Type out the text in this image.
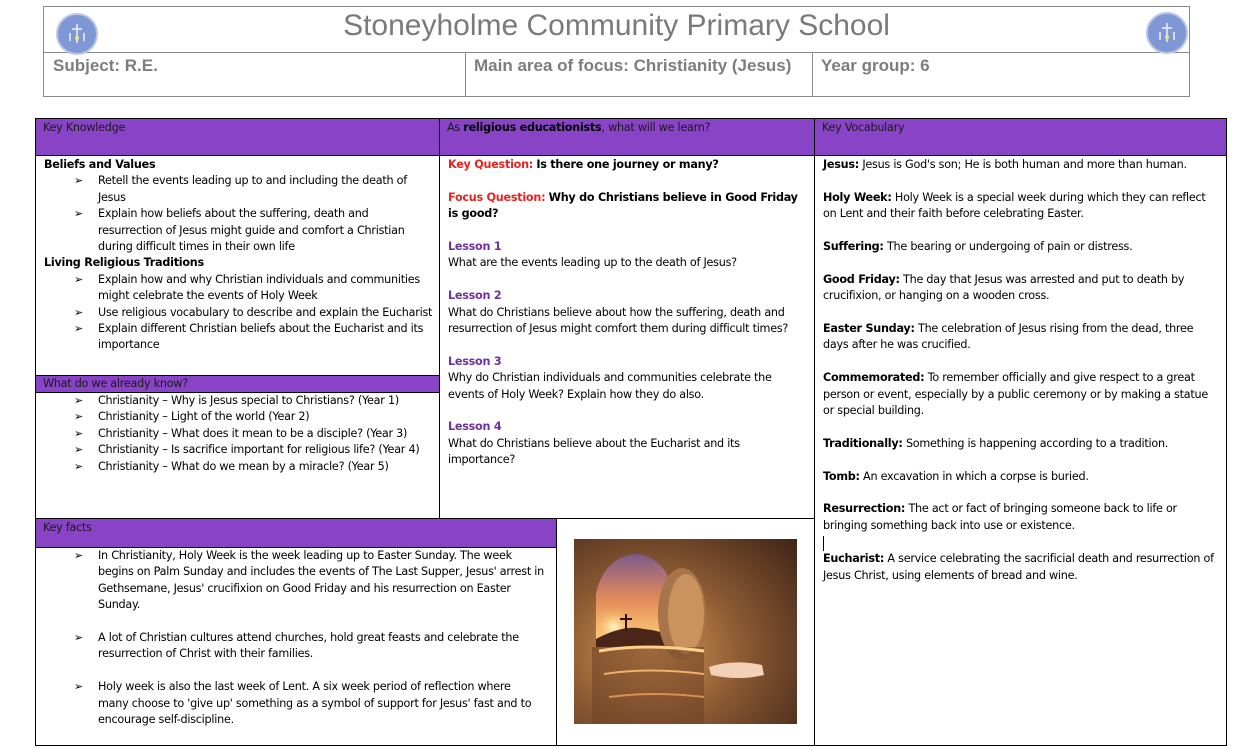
Stoneyholme Community Primary School
Subject: R.E.	Main area of focus: Christianity (Jesus)	Year group: 6
Key Knowledge	As religious educationists, what will we learn?	Key Vocabulary
Beliefs and Values
➢ Retell the events leading up to and including the death of Jesus
➢ Explain how beliefs about the suffering, death and resurrection of Jesus might guide and comfort a Christian during difficult times in their own life
Living Religious Traditions
➢ Explain how and why Christian individuals and communities might celebrate the events of Holy Week
➢ Use religious vocabulary to describe and explain the Eucharist
➢ Explain different Christian beliefs about the Eucharist and its importance
What do we already know?
➢ Christianity – Why is Jesus special to Christians? (Year 1)
➢ Christianity – Light of the world (Year 2)
➢ Christianity – What does it mean to be a disciple? (Year 3)
➢ Christianity – Is sacrifice important for religious life? (Year 4)
➢ Christianity – What do we mean by a miracle? (Year 5)
Key Question: Is there one journey or many?
Focus Question: Why do Christians believe in Good Friday is good?
Lesson 1
What are the events leading up to the death of Jesus?
Lesson 2
What do Christians believe about how the suffering, death and resurrection of Jesus might comfort them during difficult times?
Lesson 3
Why do Christian individuals and communities celebrate the events of Holy Week? Explain how they do also.
Lesson 4
What do Christians believe about the Eucharist and its importance?

Jesus: Jesus is God's son; He is both human and more than human.

Holy Week: Holy Week is a special week during which they can reflect on Lent and their faith before celebrating Easter.

Suffering: The bearing or undergoing of pain or distress.

Good Friday: The day that Jesus was arrested and put to death by crucifixion, or hanging on a wooden cross.

Easter Sunday: The celebration of Jesus rising from the dead, three days after he was crucified.

Commemorated: To remember officially and give respect to a great person or event, especially by a public ceremony or by making a statue or special building.

Traditionally: Something is happening according to a tradition.

Tomb: An excavation in which a corpse is buried.

Resurrection: The act or fact of bringing someone back to life or bringing something back into use or existence.

Eucharist: A service celebrating the sacrificial death and resurrection of Jesus Christ, using elements of bread and wine.

Key facts
➢ In Christianity, Holy Week is the week leading up to Easter Sunday. The week begins on Palm Sunday and includes the events of The Last Supper, Jesus' arrest in Gethsemane, Jesus' crucifixion on Good Friday and his resurrection on Easter Sunday.
➢ A lot of Christian cultures attend churches, hold great feasts and celebrate the resurrection of Christ with their families.
➢ Holy week is also the last week of Lent. A six week period of reflection where many choose to 'give up' something as a symbol of support for Jesus' fast and to encourage self-discipline.
